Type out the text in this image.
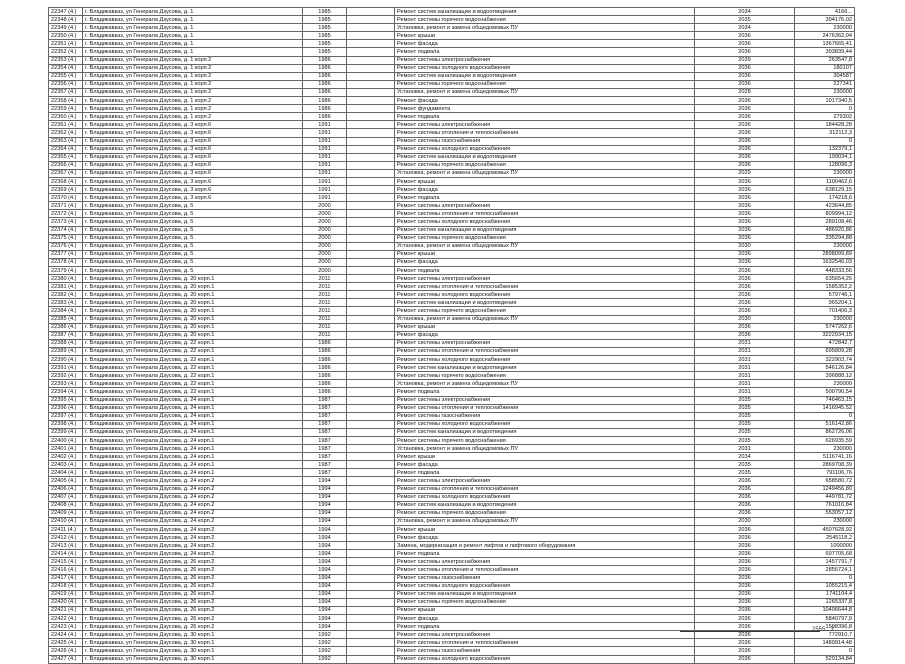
22347 (4.)	г. Владикавказ, ул Генерала Дзусова, д. 1	1985		Ремонт систем канализации и водоотведения	2034	4166...
22348 (4.)	г. Владикавказ, ул Генерала Дзусова, д. 1	1985		Ремонт системы горячего водоснабжения	2035	394176,02
22349 (4.)	г. Владикавказ, ул Генерала Дзусова, д. 1	1985		Установка, ремонт и замена общедомовых ПУ	2034	230000
22350 (4.)	г. Владикавказ, ул Генерала Дзусова, д. 1	1985		Ремонт крыши	2036	2476362,04
22351 (4.)	г. Владикавказ, ул Генерала Дзусова, д. 1	1985		Ремонт фасада	2036	1367665,41
22352 (4.)	г. Владикавказ, ул Генерала Дзусова, д. 1	1985		Ремонт подвала	2036	393839,44
22353 (4.)	г. Владикавказ, ул Генерала Дзусова, д. 1 корп.2	1986		Ремонт системы электроснабжения	2039	263547,8
22354 (4.)	г. Владикавказ, ул Генерала Дзусова, д. 1 корп.2	1986		Ремонт системы холодного водоснабжения	2036	180107
22355 (4.)	г. Владикавказ, ул Генерала Дзусова, д. 1 корп.2	1986		Ремонт систем канализации и водоотведения	2036	304587
22356 (4.)	г. Владикавказ, ул Генерала Дзусова, д. 1 корп.2	1986		Ремонт системы горячего водоснабжения	2036	227341
22357 (4.)	г. Владикавказ, ул Генерала Дзусова, д. 1 корп.2	1986		Установка, ремонт и замена общедомовых ПУ	2028	230000
22358 (4.)	г. Владикавказ, ул Генерала Дзусова, д. 1 корп.2	1986		Ремонт фасада	2036	1017340,5
22359 (4.)	г. Владикавказ, ул Генерала Дзусова, д. 1 корп.2	1986		Ремонт фундамента	2036	0
22360 (4.)	г. Владикавказ, ул Генерала Дзусова, д. 1 корп.2	1986		Ремонт подвала	2036	279302
22361 (4.)	г. Владикавказ, ул Генерала Дзусова, д. 3 корп.6	1991		Ремонт системы электроснабжения	2036	184428,28
22362 (4.)	г. Владикавказ, ул Генерала Дзусова, д. 3 корп.6	1991		Ремонт системы отопления и теплоснабжения	2036	312112,3
22363 (4.)	г. Владикавказ, ул Генерала Дзусова, д. 3 корп.6	1991		Ремонт системы газоснабжения	2036	0
22364 (4.)	г. Владикавказ, ул Генерала Дзусова, д. 3 корп.6	1991		Ремонт системы холодного водоснабжения	2036	132379,1
22365 (4.)	г. Владикавказ, ул Генерала Дзусова, д. 3 корп.6	1991		Ремонт систем канализации и водоотведения	2036	199034,1
22366 (4.)	г. Владикавказ, ул Генерала Дзусова, д. 3 корп.6	1991		Ремонт системы горячего водоснабжения	2036	128096,3
22367 (4.)	г. Владикавказ, ул Генерала Дзусова, д. 3 корп.6	1991		Установка, ремонт и замена общедомовых ПУ	2029	230000
22368 (4.)	г. Владикавказ, ул Генерала Дзусова, д. 3 корп.6	1991		Ремонт крыши	2036	1100462,6
22369 (4.)	г. Владикавказ, ул Генерала Дзусова, д. 3 корп.6	1991		Ремонт фасада	2036	638129,15
22370 (4.)	г. Владикавказ, ул Генерала Дзусова, д. 3 корп.6	1991		Ремонт подвала	2036	174218,6
22371 (4.)	г. Владикавказ, ул Генерала Дзусова, д. 5	2000		Ремонт системы электроснабжения	2036	423644,85
22372 (4.)	г. Владикавказ, ул Генерала Дзусова, д. 5	2000		Ремонт системы отопления и теплоснабжения	2036	809994,12
22373 (4.)	г. Владикавказ, ул Генерала Дзусова, д. 5	2000		Ремонт системы холодного водоснабжения	2036	289108,46
22374 (4.)	г. Владикавказ, ул Генерала Дзусова, д. 5	2000		Ремонт систем канализации и водоотведения	2036	486920,86
22375 (4.)	г. Владикавказ, ул Генерала Дзусова, д. 5	2000		Ремонт системы горячего водоснабжения	2036	335294,88
22376 (4.)	г. Владикавказ, ул Генерала Дзусова, д. 5	2000		Установка, ремонт и замена общедомовых ПУ	2030	230000
22377 (4.)	г. Владикавказ, ул Генерала Дзусова, д. 5	2000		Ремонт крыши	2036	2898099,89
22378 (4.)	г. Владикавказ, ул Генерала Дзусова, д. 5	2000		Ремонт фасада	2036	1632546,03
22379 (4.)	г. Владикавказ, ул Генерала Дзусова, д. 5	2000		Ремонт подвала	2036	448333,56
22380 (4.)	г. Владикавказ, ул Генерала Дзусова, д. 20 корп.1	2011		Ремонт системы электроснабжения	2036	635654,25
22381 (4.)	г. Владикавказ, ул Генерала Дзусова, д. 20 корп.1	2011		Ремонт системы отопления и теплоснабжения	2036	1585352,2
22382 (4.)	г. Владикавказ, ул Генерала Дзусова, д. 20 корп.1	2011		Ремонт системы холодного водоснабжения	2036	579746,1
22383 (4.)	г. Владикавказ, ул Генерала Дзусова, д. 20 корп.1	2011		Ремонт систем канализации и водоотведения	2036	965204,1
22384 (4.)	г. Владикавказ, ул Генерала Дзусова, д. 20 корп.1	2011		Ремонт системы горячего водоснабжения	2036	701406,3
22385 (4.)	г. Владикавказ, ул Генерала Дзусова, д. 20 корп.1	2011		Установка, ремонт и замена общедомовых ПУ	2030	230000
22386 (4.)	г. Владикавказ, ул Генерала Дзусова, д. 20 корп.1	2011		Ремонт крыши	2036	5747262,6
22387 (4.)	г. Владикавказ, ул Генерала Дзусова, д. 20 корп.1	2011		Ремонт фасада	2036	3222934,15
22388 (4.)	г. Владикавказ, ул Генерала Дзусова, д. 22 корп.1	1986		Ремонт системы электроснабжения	2031	472842,7
22389 (4.)	г. Владикавказ, ул Генерала Дзусова, д. 22 корп.1	1986		Ремонт системы отопления и теплоснабжения	2031	695809,28
22390 (4.)	г. Владикавказ, ул Генерала Дзусова, д. 22 корп.1	1986		Ремонт системы холодного водоснабжения	2031	322903,74
22391 (4.)	г. Владикавказ, ул Генерала Дзусова, д. 22 корп.1	1986		Ремонт систем канализации и водоотведения	2031	546126,84
22392 (4.)	г. Владикавказ, ул Генерала Дзусова, д. 22 корп.1	1986		Ремонт системы горячего водоснабжения	2031	396888,12
22393 (4.)	г. Владикавказ, ул Генерала Дзусова, д. 22 корп.1	1986		Установка, ремонт и замена общедомовых ПУ	2031	230000
22394 (4.)	г. Владикавказ, ул Генерала Дзусова, д. 22 корп.1	1986		Ремонт подвала	2031	500790,54
22395 (4.)	г. Владикавказ, ул Генерала Дзусова, д. 24 корп.1	1987		Ремонт системы электроснабжения	2035	746463,15
22396 (4.)	г. Владикавказ, ул Генерала Дзусова, д. 24 корп.1	1987		Ремонт системы отопления и теплоснабжения	2035	1416945,52
22397 (4.)	г. Владикавказ, ул Генерала Дзусова, д. 24 корп.1	1987		Ремонт системы газоснабжения	2035	0
22398 (4.)	г. Владикавказ, ул Генерала Дзусова, д. 24 корп.1	1987		Ремонт системы холодного водоснабжения	2035	516142,86
22399 (4.)	г. Владикавказ, ул Генерала Дзусова, д. 24 корп.1	1987		Ремонт систем канализации и водоотведения	2035	862726,06
22400 (4.)	г. Владикавказ, ул Генерала Дзусова, д. 24 корп.1	1987		Ремонт системы горячего водоснабжения	2035	626935,59
22401 (4.)	г. Владикавказ, ул Генерала Дзусова, д. 24 корп.1	1987		Установка, ремонт и замена общедомовых ПУ	2031	230000
22402 (4.)	г. Владикавказ, ул Генерала Дзусова, д. 24 корп.1	1987		Ремонт крыши	2034	5116741,16
22403 (4.)	г. Владикавказ, ул Генерала Дзусова, д. 24 корп.1	1987		Ремонт фасада	2035	2869708,39
22404 (4.)	г. Владикавказ, ул Генерала Дзусова, д. 24 корп.1	1987		Ремонт подвала	2035	791106,76
22405 (4.)	г. Владикавказ, ул Генерала Дзусова, д. 24 корп.2	1994		Ремонт системы электроснабжения	2036	658580,72
22406 (4.)	г. Владикавказ, ул Генерала Дзусова, д. 24 корп.2	1994		Ремонт системы отопления и теплоснабжения	2036	1249456,80
22407 (4.)	г. Владикавказ, ул Генерала Дзусова, д. 24 корп.2	1994		Ремонт системы холодного водоснабжения	2036	449781,72
22408 (4.)	г. Владикавказ, ул Генерала Дзусова, д. 24 корп.2	1994		Ремонт систем канализации и водоотведения	2036	761016,84
22409 (4.)	г. Владикавказ, ул Генерала Дзусова, д. 24 корп.2	1994		Ремонт системы горячего водоснабжения	2036	553057,12
22410 (4.)	г. Владикавказ, ул Генерала Дзусова, д. 24 корп.2	1994		Установка, ремонт и замена общедомовых ПУ	2030	230000
22411 (4.)	г. Владикавказ, ул Генерала Дзусова, д. 24 корп.2	1994		Ремонт крыши	2036	4507628,92
22412 (4.)	г. Владикавказ, ул Генерала Дзусова, д. 24 корп.2	1994		Ремонт фасада	2036	2545118,2
22413 (4.)	г. Владикавказ, ул Генерала Дзусова, д. 24 корп.2	1994		Замена, модернизация и ремонт лифтов и лифтового оборудования	2036	1000000
22414 (4.)	г. Владикавказ, ул Генерала Дзусова, д. 24 корп.2	1994		Ремонт подвала	2036	697705,68
22415 (4.)	г. Владикавказ, ул Генерала Дзусова, д. 26 корп.2	1994		Ремонт системы электроснабжения	2036	1457791,7
22416 (4.)	г. Владикавказ, ул Генерала Дзусова, д. 26 корп.2	1994		Ремонт системы отопления и теплоснабжения	2036	2856724,1
22417 (4.)	г. Владикавказ, ул Генерала Дзусова, д. 26 корп.2	1994		Ремонт системы газоснабжения	2036	0
22418 (4.)	г. Владикавказ, ул Генерала Дзусова, д. 26 корп.2	1994		Ремонт системы холодного водоснабжения	2036	1055215,4
22419 (4.)	г. Владикавказ, ул Генерала Дзусова, д. 26 корп.2	1994		Ремонт систем канализации и водоотведения	2036	1741104,4
22420 (4.)	г. Владикавказ, ул Генерала Дзусова, д. 26 корп.2	1994		Ремонт системы горячего водоснабжения	2036	1265337,8
22421 (4.)	г. Владикавказ, ул Генерала Дзусова, д. 26 корп.2	1994		Ремонт крыши	2036	10406644,8
22422 (4.)	г. Владикавказ, ул Генерала Дзусова, д. 26 корп.2	1994		Ремонт фасада	2036	5840797,9
22423 (4.)	г. Владикавказ, ул Генерала Дзусова, д. 26 корп.2	1994		Ремонт подвала	2036	1598396,8
22424 (4.)	г. Владикавказ, ул Генерала Дзусова, д. 30 корп.1	1992		Ремонт системы электроснабжения	2036	772910,7
22425 (4.)	г. Владикавказ, ул Генерала Дзусова, д. 30 корп.1	1992		Ремонт системы отопления и теплоснабжения	2036	1489914,48
22426 (4.)	г. Владикавказ, ул Генерала Дзусова, д. 30 корп.1	1992		Ремонт системы газоснабжения	2036	0
22427 (4.)	г. Владикавказ, ул Генерала Дзусова, д. 30 корп.1	1992		Ремонт системы холодного водоснабжения	2036	529134,84
2555...3
